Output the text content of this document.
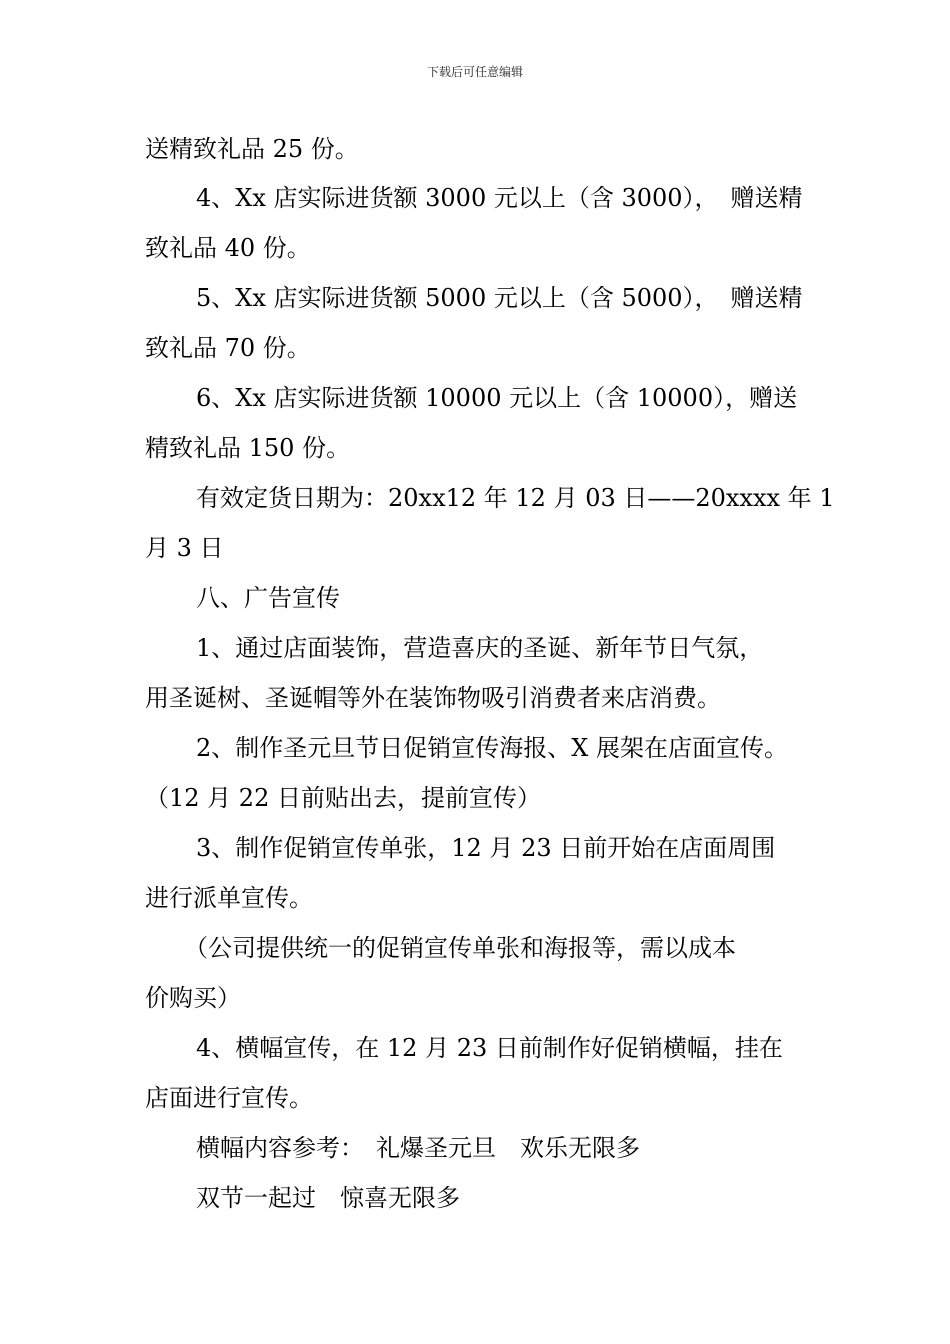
下载后可任意编辑
送精致礼品 25 份。
4、Xx 店实际进货额 3000 元以上（含 3000），　赠送精
致礼品 40 份。
5、Xx 店实际进货额 5000 元以上（含 5000），　赠送精
致礼品 70 份。
6、Xx 店实际进货额 10000 元以上（含 10000），赠送
精致礼品 150 份。
有效定货日期为：20xx12 年 12 月 03 日——20xxxx 年 1
月 3 日
八、广告宣传
1、通过店面装饰，营造喜庆的圣诞、新年节日气氛，
用圣诞树、圣诞帽等外在装饰物吸引消费者来店消费。
2、制作圣元旦节日促销宣传海报、X 展架在店面宣传。
（12 月 22 日前贴出去，提前宣传）
3、制作促销宣传单张，12 月 23 日前开始在店面周围
进行派单宣传。
（公司提供统一的促销宣传单张和海报等，需以成本
价购买）
4、横幅宣传，在 12 月 23 日前制作好促销横幅，挂在
店面进行宣传。
横幅内容参考：　礼爆圣元旦　欢乐无限多
双节一起过　惊喜无限多
